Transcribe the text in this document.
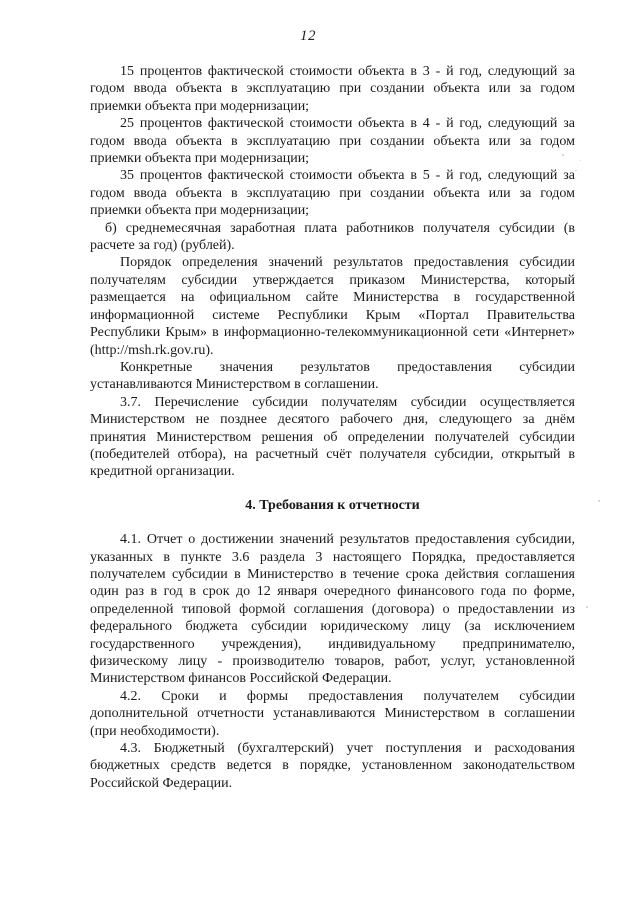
12

15 процентов фактической стоимости объекта в 3 - й год, следующий за годом ввода объекта в эксплуатацию при создании объекта или за годом приемки объекта при модернизации;

25 процентов фактической стоимости объекта в 4 - й год, следующий за годом ввода объекта в эксплуатацию при создании объекта или за годом приемки объекта при модернизации;

35 процентов фактической стоимости объекта в 5 - й год, следующий за годом ввода объекта в эксплуатацию при создании объекта или за годом приемки объекта при модернизации;

б) среднемесячная заработная плата работников получателя субсидии (в расчете за год) (рублей).

Порядок определения значений результатов предоставления субсидии получателям субсидии утверждается приказом Министерства, который размещается на официальном сайте Министерства в государственной информационной системе Республики Крым «Портал Правительства Республики Крым» в информационно-телекоммуникационной сети «Интернет» (http://msh.rk.gov.ru).

Конкретные значения результатов предоставления субсидии устанавливаются Министерством в соглашении.

3.7. Перечисление субсидии получателям субсидии осуществляется Министерством не позднее десятого рабочего дня, следующего за днём принятия Министерством решения об определении получателей субсидии (победителей отбора), на расчетный счёт получателя субсидии, открытый в кредитной организации.

4. Требования к отчетности

4.1. Отчет о достижении значений результатов предоставления субсидии, указанных в пункте 3.6 раздела 3 настоящего Порядка, предоставляется получателем субсидии в Министерство в течение срока действия соглашения один раз в год в срок до 12 января очередного финансового года по форме, определенной типовой формой соглашения (договора) о предоставлении из федерального бюджета субсидии юридическому лицу (за исключением государственного учреждения), индивидуальному предпринимателю, физическому лицу - производителю товаров, работ, услуг, установленной Министерством финансов Российской Федерации.

4.2. Сроки и формы предоставления получателем субсидии дополнительной отчетности устанавливаются Министерством в соглашении (при необходимости).

4.3. Бюджетный (бухгалтерский) учет поступления и расходования бюджетных средств ведется в порядке, установленном законодательством Российской Федерации.
